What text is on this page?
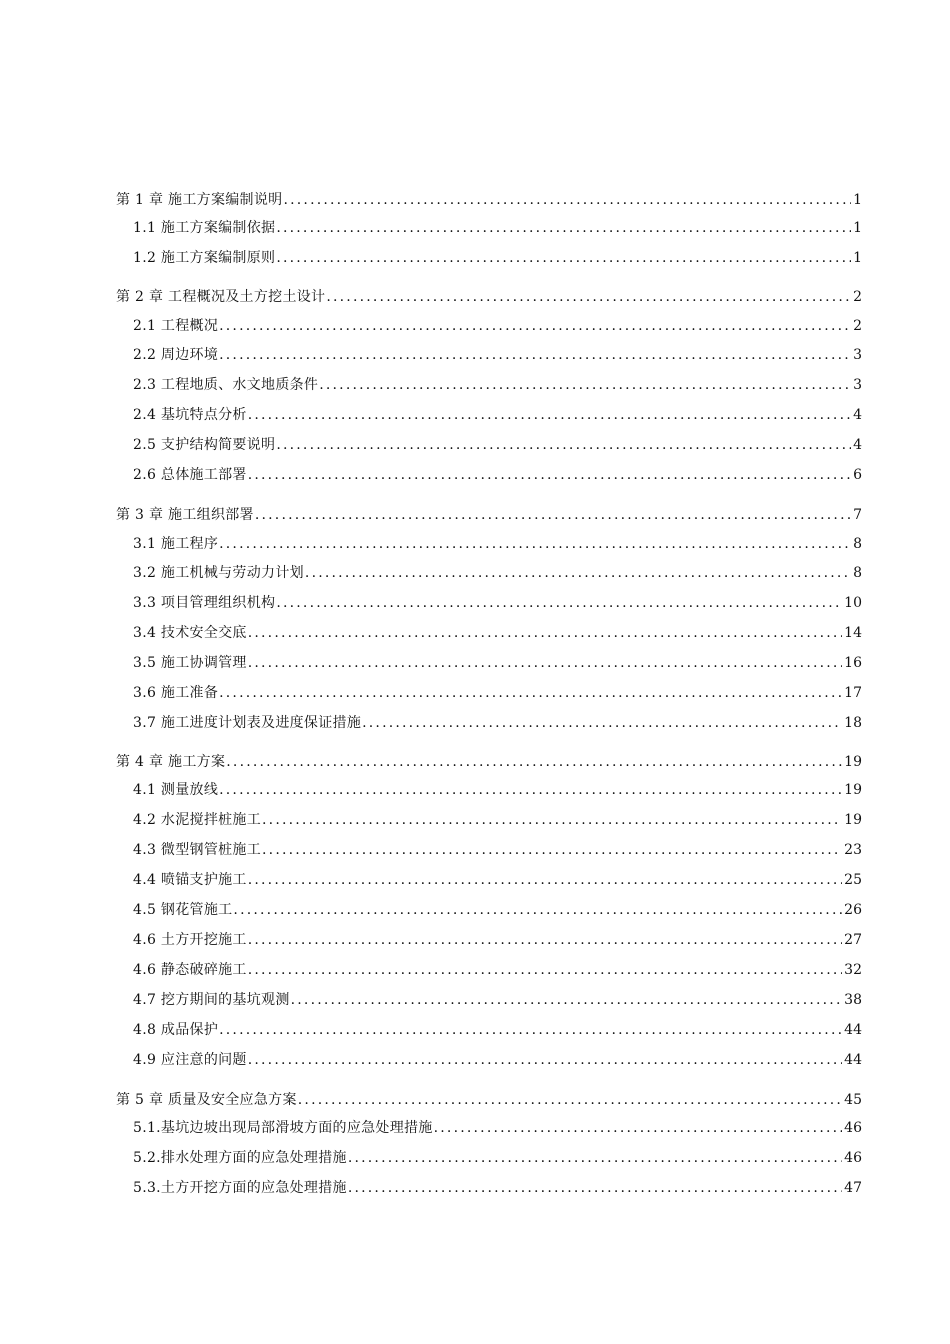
第 1 章 施工方案编制说明 .....	1
1.1 施工方案编制依据 .....	1
1.2 施工方案编制原则 .....	1
第 2 章 工程概况及土方挖土设计 .....	2
2.1 工程概况 .....	2
2.2 周边环境 .....	3
2.3 工程地质、水文地质条件 .....	3
2.4 基坑特点分析 .....	4
2.5 支护结构简要说明 .....	4
2.6 总体施工部署 .....	6
第 3 章 施工组织部署 .....	7
3.1 施工程序 .....	8
3.2 施工机械与劳动力计划 .....	8
3.3 项目管理组织机构 .....	10
3.4 技术安全交底 .....	14
3.5 施工协调管理 .....	16
3.6 施工准备 .....	17
3.7 施工进度计划表及进度保证措施 .....	18
第 4 章 施工方案 .....	19
4.1 测量放线 .....	19
4.2 水泥搅拌桩施工 .....	19
4.3 微型钢管桩施工 .....	23
4.4 喷锚支护施工 .....	25
4.5 钢花管施工 .....	26
4.6 土方开挖施工 .....	27
4.6 静态破碎施工 .....	32
4.7 挖方期间的基坑观测 .....	38
4.8 成品保护 .....	44
4.9 应注意的问题 .....	44
第 5 章 质量及安全应急方案 .....	45
5.1.基坑边坡出现局部滑坡方面的应急处理措施 .....	46
5.2.排水处理方面的应急处理措施 .....	46
5.3.土方开挖方面的应急处理措施 .....	47
